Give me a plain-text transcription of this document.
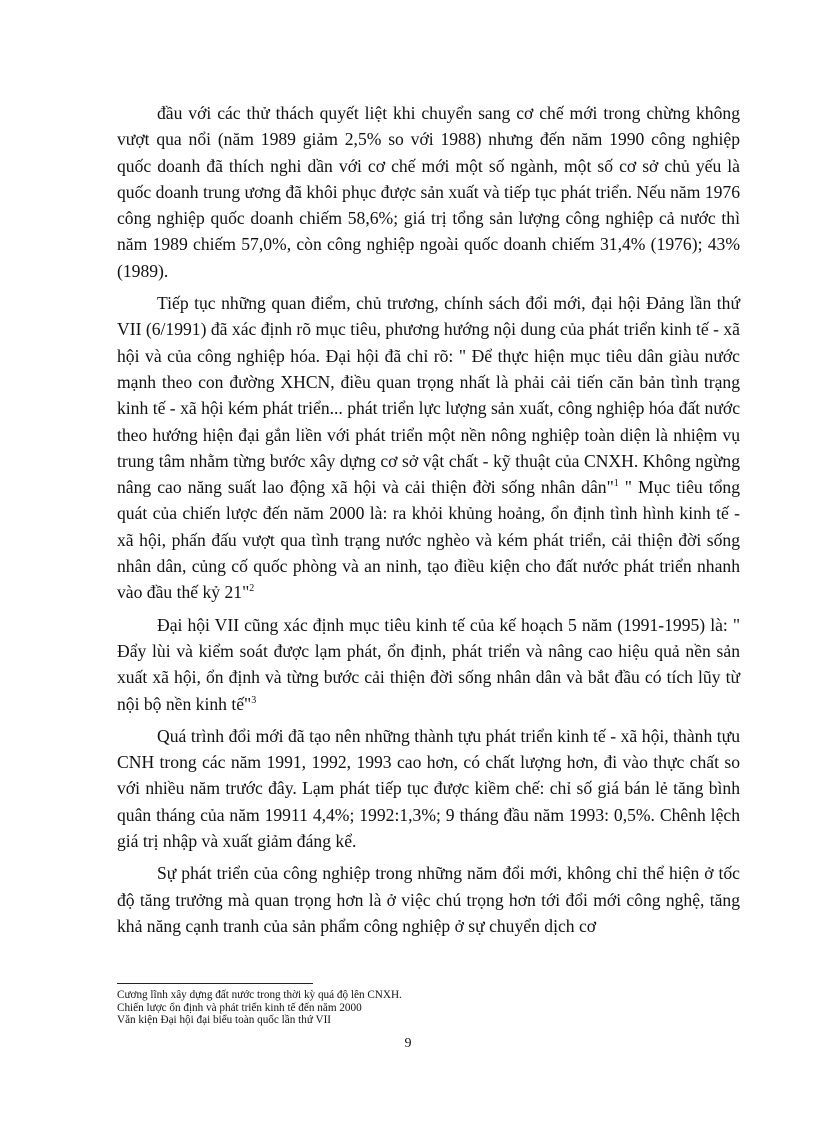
đầu với các thử thách quyết liệt khi chuyển sang cơ chế mới trong chừng không vượt qua nổi (năm 1989 giảm 2,5% so với 1988) nhưng đến năm 1990 công nghiệp quốc doanh đã thích nghi dần với cơ chế mới một số ngành, một số cơ sở chủ yếu là quốc doanh trung ương đã khôi phục được sản xuất và tiếp tục phát triển. Nếu năm 1976 công nghiệp quốc doanh chiếm 58,6%; giá trị tổng sản lượng công nghiệp cả nước thì năm 1989 chiếm 57,0%, còn công nghiệp ngoài quốc doanh chiếm 31,4% (1976); 43% (1989).

Tiếp tục những quan điểm, chủ trương, chính sách đổi mới, đại hội Đảng lần thứ VII (6/1991) đã xác định rõ mục tiêu, phương hướng nội dung của phát triển kinh tế - xã hội và của công nghiệp hóa. Đại hội đã chỉ rõ: " Để thực hiện mục tiêu dân giàu nước mạnh theo con đường XHCN, điều quan trọng nhất là phải cải tiến căn bản tình trạng kinh tế - xã hội kém phát triển... phát triển lực lượng sản xuất, công nghiệp hóa đất nước theo hướng hiện đại gắn liền với phát triển một nền nông nghiệp toàn diện là nhiệm vụ trung tâm nhằm từng bước xây dựng cơ sở vật chất - kỹ thuật của CNXH. Không ngừng nâng cao năng suất lao động xã hội và cải thiện đời sống nhân dân"$^1$ " Mục tiêu tổng quát của chiến lược đến năm 2000 là: ra khỏi khủng hoảng, ổn định tình hình kinh tế - xã hội, phấn đấu vượt qua tình trạng nước nghèo và kém phát triển, cải thiện đời sống nhân dân, củng cố quốc phòng và an ninh, tạo điều kiện cho đất nước phát triển nhanh vào đầu thế kỷ 21"$^2$

Đại hội VII cũng xác định mục tiêu kinh tế của kế hoạch 5 năm (1991-1995) là: " Đẩy lùi và kiểm soát được lạm phát, ổn định, phát triển và nâng cao hiệu quả nền sản xuất xã hội, ổn định và từng bước cải thiện đời sống nhân dân và bắt đầu có tích lũy từ nội bộ nền kinh tế"$^3$

Quá trình đổi mới đã tạo nên những thành tựu phát triển kinh tế - xã hội, thành tựu CNH trong các năm 1991, 1992, 1993 cao hơn, có chất lượng hơn, đi vào thực chất so với nhiều năm trước đây. Lạm phát tiếp tục được kiềm chế: chỉ số giá bán lẻ tăng bình quân tháng của năm 19911 4,4%; 1992:1,3%; 9 tháng đầu năm 1993: 0,5%. Chênh lệch giá trị nhập và xuất giảm đáng kể.

Sự phát triển của công nghiệp trong những năm đổi mới, không chỉ thể hiện ở tốc độ tăng trưởng mà quan trọng hơn là ở việc chú trọng hơn tới đổi mới công nghệ, tăng khả năng cạnh tranh của sản phẩm công nghiệp ở sự chuyển dịch cơ

Cương lĩnh xây dựng đất nước trong thời kỳ quá độ lên CNXH.
Chiến lược ổn định và phát triển kinh tế đến năm 2000
Văn kiện Đại hội đại biểu toàn quốc lần thứ VII
9
